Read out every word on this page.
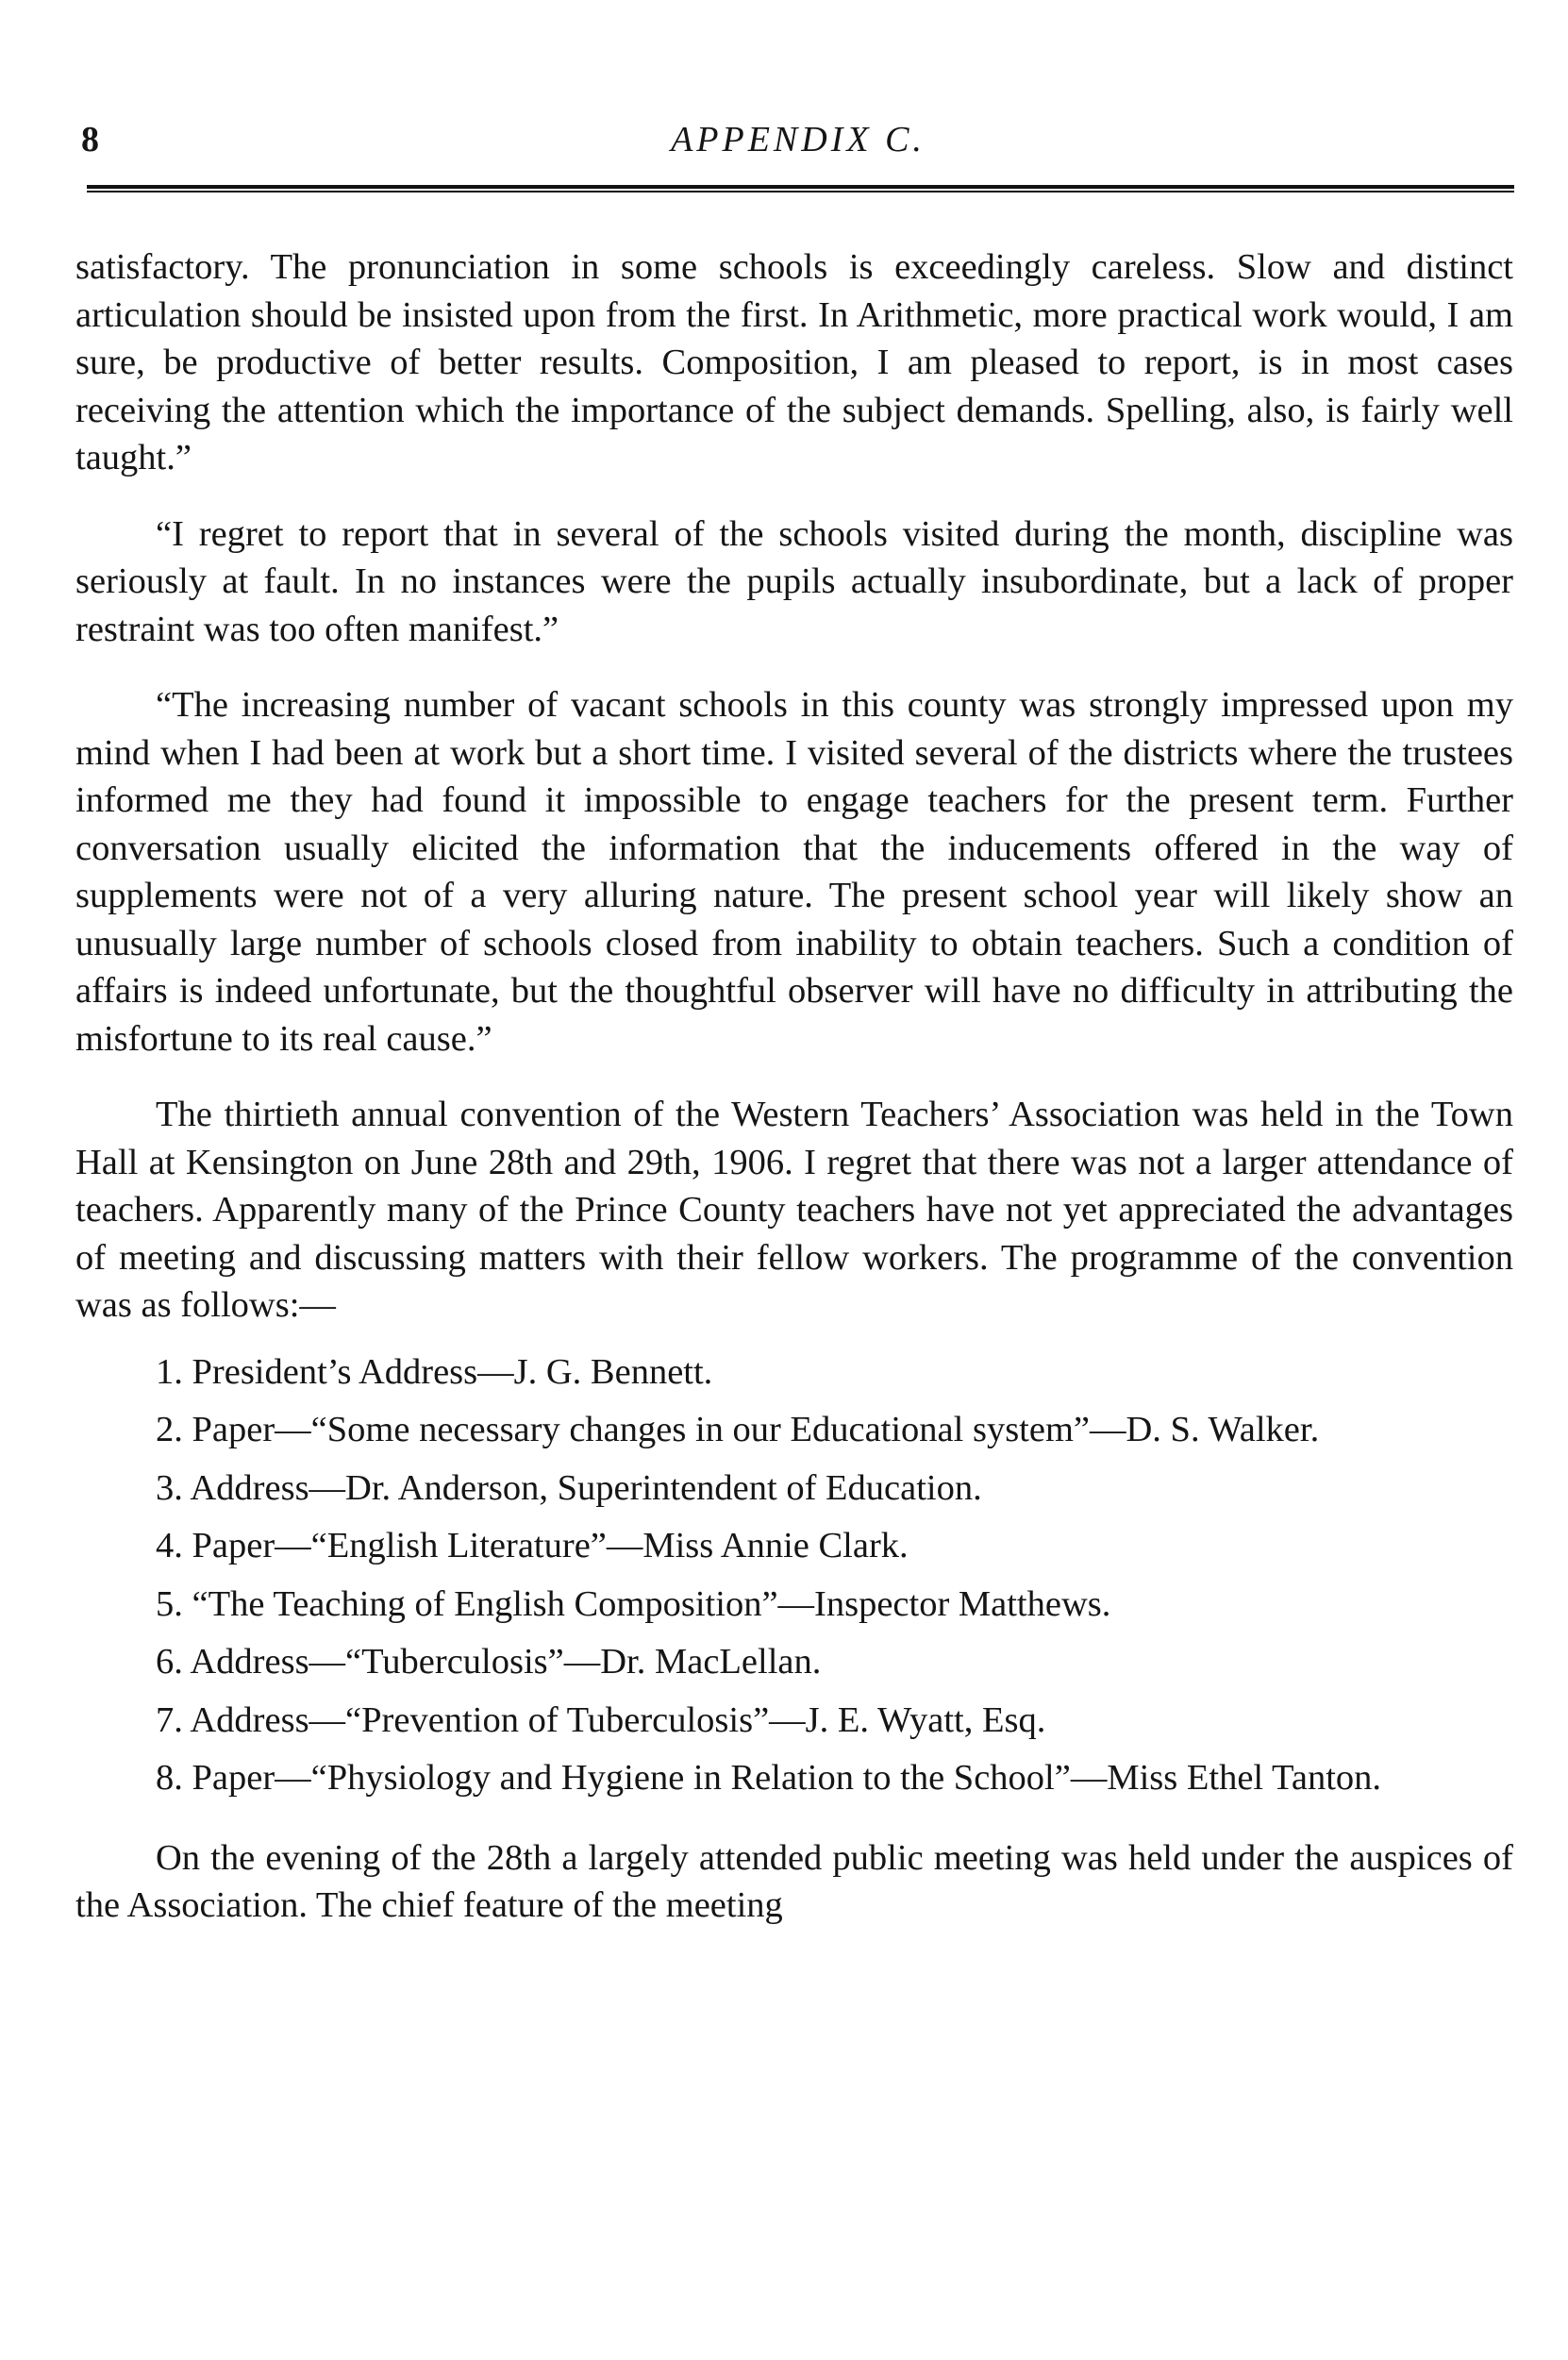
8	APPENDIX C.

satisfactory. The pronunciation in some schools is exceedingly careless. Slow and distinct articulation should be insisted upon from the first. In Arithmetic, more practical work would, I am sure, be productive of better results. Composition, I am pleased to report, is in most cases receiving the attention which the importance of the subject demands. Spelling, also, is fairly well taught.”

“I regret to report that in several of the schools visited during the month, discipline was seriously at fault. In no instances were the pupils actually insubordinate, but a lack of proper restraint was too often manifest.”

“The increasing number of vacant schools in this county was strongly impressed upon my mind when I had been at work but a short time. I visited several of the districts where the trustees informed me they had found it impossible to engage teachers for the present term. Further conversation usually elicited the information that the inducements offered in the way of supplements were not of a very alluring nature. The present school year will likely show an unusually large number of schools closed from inability to obtain teachers. Such a condition of affairs is indeed unfortunate, but the thoughtful observer will have no difficulty in attributing the misfortune to its real cause.”

The thirtieth annual convention of the Western Teachers’ Association was held in the Town Hall at Kensington on June 28th and 29th, 1906. I regret that there was not a larger attendance of teachers. Apparently many of the Prince County teachers have not yet appreciated the advantages of meeting and discussing matters with their fellow workers. The programme of the convention was as follows:—

1. President’s Address—J. G. Bennett.
2. Paper—“Some necessary changes in our Educational system”—D. S. Walker.
3. Address—Dr. Anderson, Superintendent of Education.
4. Paper—“English Literature”—Miss Annie Clark.
5. “The Teaching of English Composition”—Inspector Matthews.
6. Address—“Tuberculosis”—Dr. MacLellan.
7. Address—“Prevention of Tuberculosis”—J. E. Wyatt, Esq.
8. Paper—“Physiology and Hygiene in Relation to the School”—Miss Ethel Tanton.

On the evening of the 28th a largely attended public meeting was held under the auspices of the Association. The chief feature of the meeting
